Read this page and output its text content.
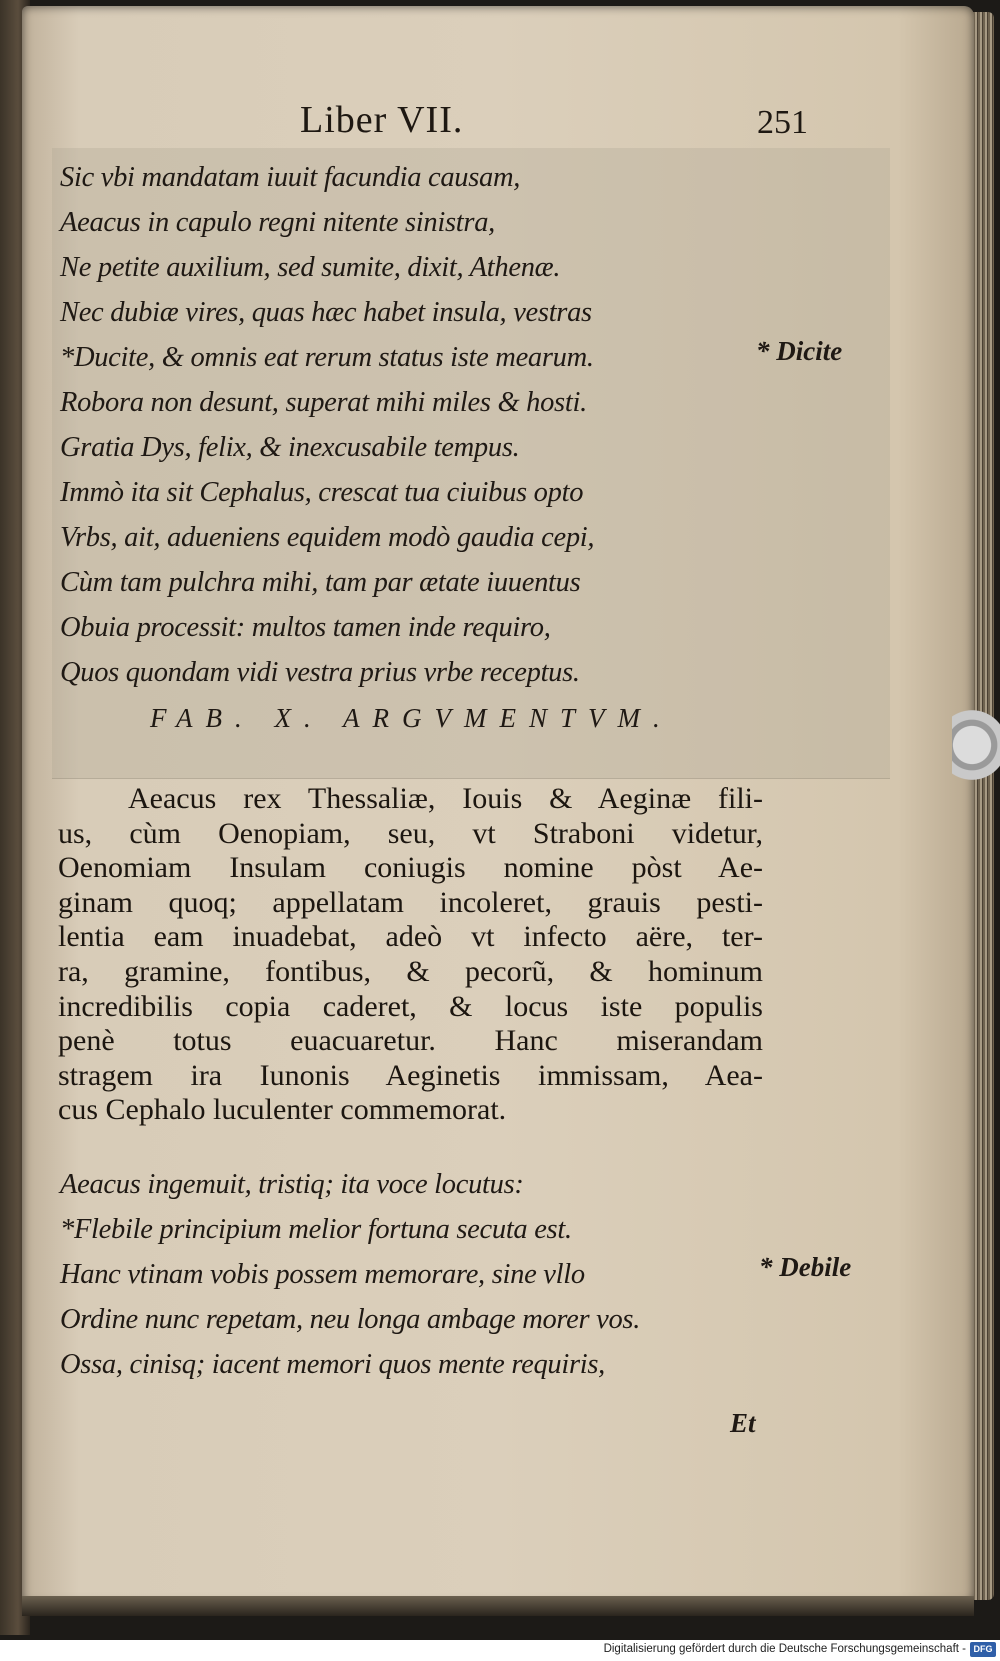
Liber VII.	251
Sic vbi mandatam iuuit facundia causam,
Aeacus in capulo regni nitente sinistra,
Ne petite auxilium, sed sumite, dixit, Athenæ.
Nec dubiæ vires, quas hæc habet insula, vestras
*Ducite, & omnis eat rerum status iste mearum.
Robora non desunt, superat mihi miles & hosti.
Gratia Dys, felix, & inexcusabile tempus.
Immò ita sit Cephalus, crescat tua ciuibus opto
Vrbs, ait, adueniens equidem modò gaudia cepi,
Cùm tam pulchra mihi, tam par ætate iuuentus
Obuia processit: multos tamen inde requiro,
Quos quondam vidi vestra prius vrbe receptus.
* Dicite
FAB. X. ARGVMENTVM.
Aeacus rex Thessaliæ, Iouis & Aeginæ fili-
us, cùm Oenopiam, seu, vt Straboni videtur,
Oenomiam Insulam coniugis nomine pòst Ae-
ginam quoq; appellatam incoleret, grauis pesti-
lentia eam inuadebat, adeò vt infecto aëre, ter-
ra, gramine, fontibus, & pecorũ, & hominum
incredibilis copia caderet, & locus iste populis
penè totus euacuaretur. Hanc miserandam
stragem ira Iunonis Aeginetis immissam, Aea-
cus Cephalo luculenter commemorat.
Aeacus ingemuit, tristiq; ita voce locutus:
*Flebile principium melior fortuna secuta est.
Hanc vtinam vobis possem memorare, sine vllo
Ordine nunc repetam, neu longa ambage morer vos.
Ossa, cinisq; iacent memori quos mente requiris,
* Debile
Et
Digitalisierung gefördert durch die Deutsche Forschungsgemeinschaft - DFG
